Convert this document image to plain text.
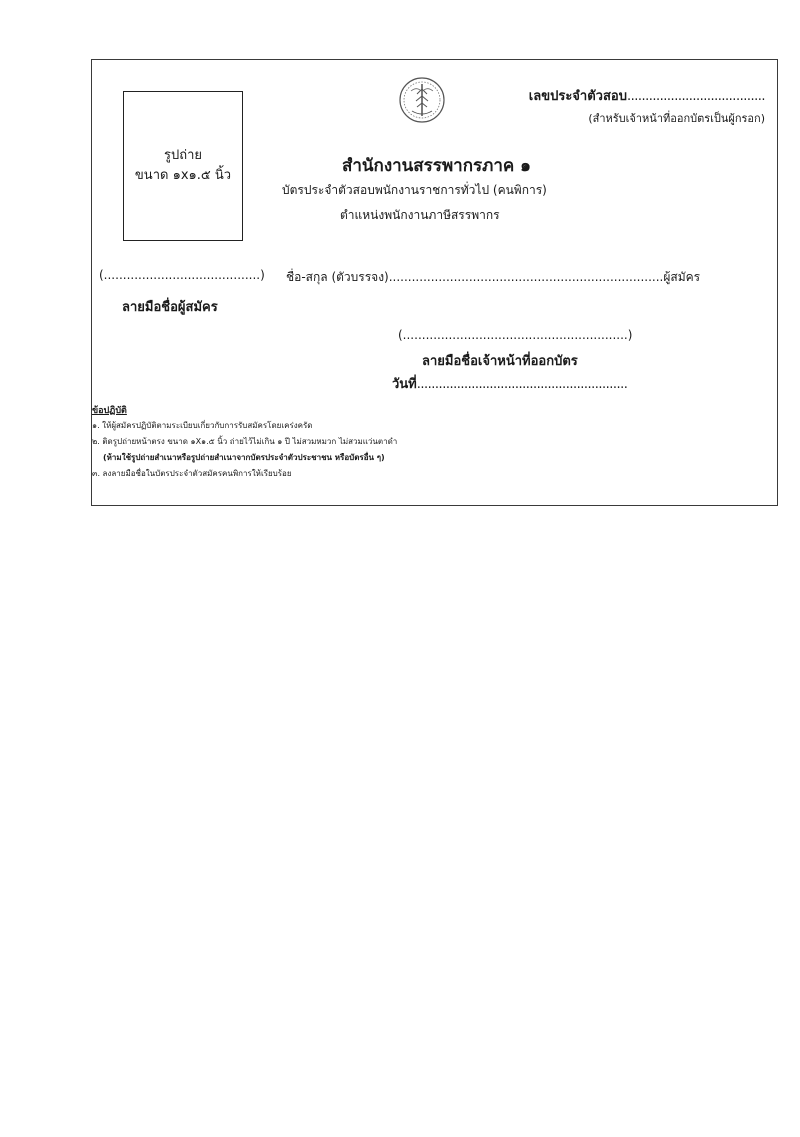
รูปถ่าย
ขนาด ๑x๑.๕ นิ้ว
เลขประจำตัวสอบ......................................
(สำหรับเจ้าหน้าที่ออกบัตรเป็นผู้กรอก)
สำนักงานสรรพากรภาค ๑
บัตรประจำตัวสอบพนักงานราชการทั่วไป (คนพิการ)
ตำแหน่งพนักงานภาษีสรรพากร
(.........................................)
ลายมือชื่อผู้สมัคร
ชื่อ-สกุล (ตัวบรรจง)........................................................................ผู้สมัคร
(...........................................................)
ลายมือชื่อเจ้าหน้าที่ออกบัตร
วันที่..........................................................
ข้อปฏิบัติ
๑. ให้ผู้สมัครปฏิบัติตามระเบียบเกี่ยวกับการรับสมัครโดยเคร่งครัด
๒. ติดรูปถ่ายหน้าตรง ขนาด ๑X๑.๕ นิ้ว ถ่ายไว้ไม่เกิน ๑ ปี ไม่สวมหมวก ไม่สวมแว่นตาดำ
(ห้ามใช้รูปถ่ายสำเนาหรือรูปถ่ายสำเนาจากบัตรประจำตัวประชาชน หรือบัตรอื่น ๆ)
๓. ลงลายมือชื่อในบัตรประจำตัวสมัครคนพิการให้เรียบร้อย
